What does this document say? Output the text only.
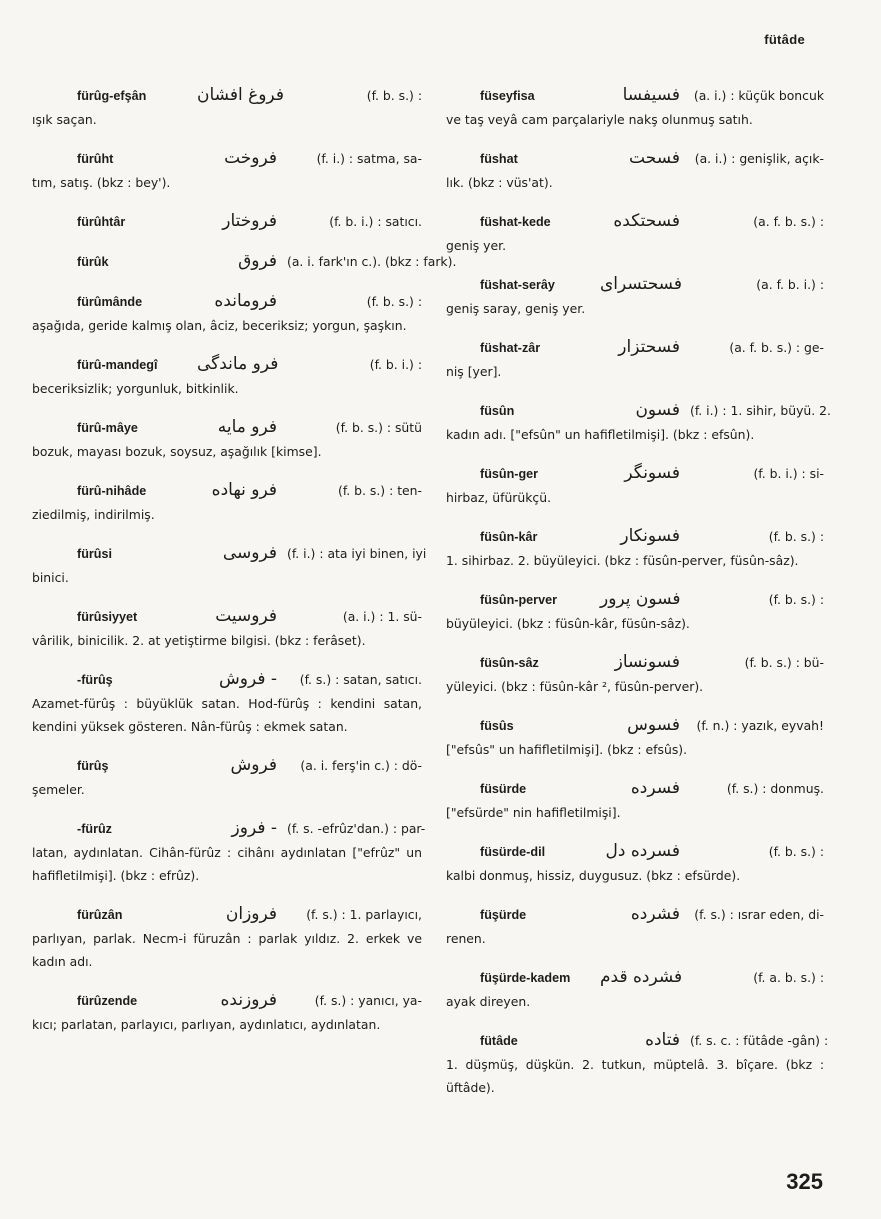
fütâde
fürûg-efşân	فروغ افشان	(f. b. s.) :
ışık saçan.
fürûht	فروخت	(f. i.) : satma, sa-
tım, satış. (bkz : bey').
fürûhtâr	فروختار	(f. b. i.) : satıcı.
fürûk	فروق (a. i. fark'ın c.). (bkz : fark).
fürûmânde	فرومانده	(f. b. s.) :
aşağıda, geride kalmış olan, âciz, beceriksiz; yorgun, şaşkın.
fürû-mandegî	فرو ماندگی	(f. b. i.) :
beceriksizlik; yorgunluk, bitkinlik.
fürû-mâye	فرو مایه	(f. b. s.) : sütü
bozuk, mayası bozuk, soysuz, aşağılık [kimse].
fürû-nihâde	فرو نهاده	(f. b. s.) : ten-
ziedilmiş, indirilmiş.
fürûsi	فروسی (f. i.) : ata iyi binen, iyi
binici.
fürûsiyyet	فروسیت	(a. i.) : 1. sü-
vârilik, binicilik. 2. at yetiştirme bilgisi. (bkz : ferâset).
-fürûş	- فروش	(f. s.) : satan, satıcı.
Azamet-fürûş : büyüklük satan. Hod-fürûş : kendini satan, kendini yüksek gösteren. Nân-fürûş : ekmek satan.
fürûş	فروش	(a. i. ferş'in c.) : dö-
şemeler.
-fürûz	- فروز (f. s. -efrûz'dan.) : par-
latan, aydınlatan. Cihân-fürûz : cihânı aydınlatan ["efrûz" un hafifletilmişi]. (bkz : efrûz).
fürûzân	فروزان	(f. s.) : 1. parlayıcı,
parlıyan, parlak. Necm-i füruzân : parlak yıldız. 2. erkek ve kadın adı.
fürûzende	فروزنده	(f. s.) : yanıcı, ya-
kıcı; parlatan, parlayıcı, parlıyan, aydınlatıcı, aydınlatan.
füseyfisa	فسیفسا	(a. i.) : küçük boncuk
ve taş veyâ cam parçalariyle nakş olunmuş satıh.
füshat	فسحت	(a. i.) : genişlik, açık-
lık. (bkz : vüs'at).
füshat-kede	فسحتکده	(a. f. b. s.) :
geniş yer.
füshat-serây	فسحتسرای	(a. f. b. i.) :
geniş saray, geniş yer.
füshat-zâr	فسحتزار	(a. f. b. s.) : ge-
niş [yer].
füsûn	فسون (f. i.) : 1. sihir, büyü. 2.
kadın adı. ["efsûn" un hafifletilmişi]. (bkz : efsûn).
füsûn-ger	فسونگر	(f. b. i.) : si-
hirbaz, üfürükçü.
füsûn-kâr	فسونکار	(f. b. s.) :
1. sihirbaz. 2. büyüleyici. (bkz : füsûn-perver, füsûn-sâz).
füsûn-perver	فسون پرور	(f. b. s.) :
büyüleyici. (bkz : füsûn-kâr, füsûn-sâz).
füsûn-sâz	فسونساز	(f. b. s.) : bü-
yüleyici. (bkz : füsûn-kâr ², füsûn-perver).
füsûs	فسوس	(f. n.) : yazık, eyvah!
["efsûs" un hafifletilmişi]. (bkz : efsûs).
füsürde	فسرده	(f. s.) : donmuş.
["efsürde" nin hafifletilmişi].
füsürde-dil	فسرده دل	(f. b. s.) :
kalbi donmuş, hissiz, duygusuz. (bkz : efsürde).
füşürde	فشرده	(f. s.) : ısrar eden, di-
renen.
füşürde-kadem	فشرده قدم	(f. a. b. s.) :
ayak direyen.
fütâde	فتاده (f. s. c. : fütâde -gân) :
1. düşmüş, düşkün. 2. tutkun, müptelâ. 3. bîçare. (bkz : üftâde).
325
